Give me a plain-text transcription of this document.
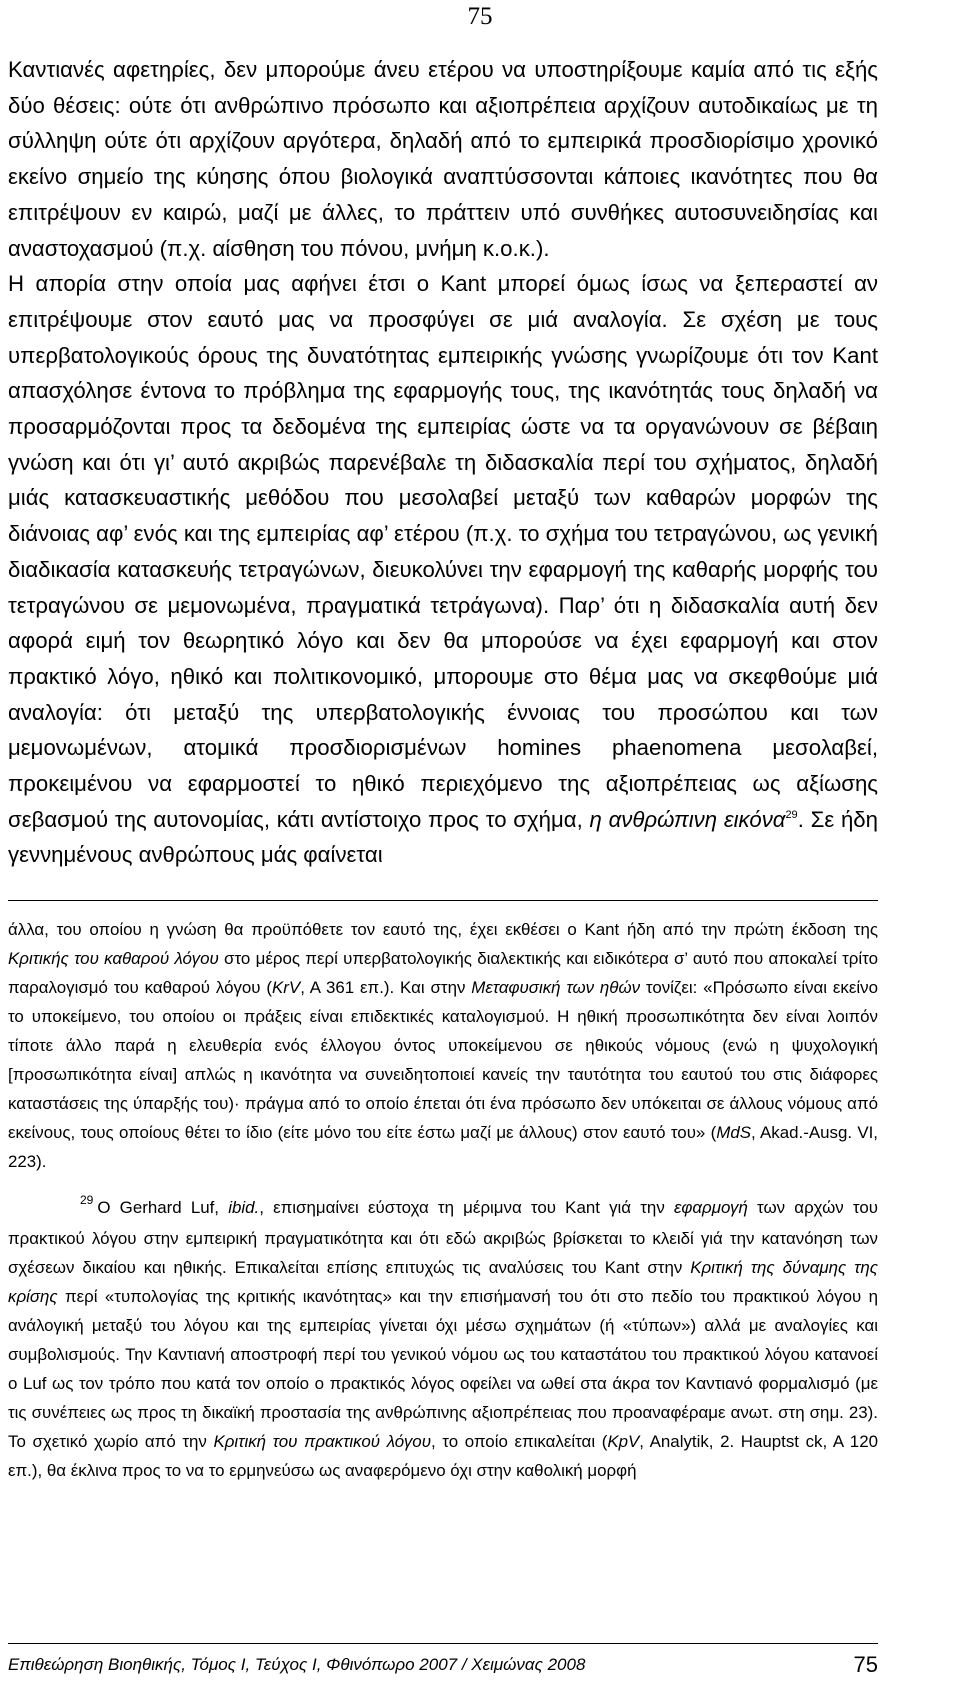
75

Καντιανές αφετηρίες, δεν μπορούμε άνευ ετέρου να υποστηρίξουμε καμία από τις εξής δύο θέσεις: ούτε ότι ανθρώπινο πρόσωπο και αξιοπρέπεια αρχίζουν αυτοδικαίως με τη σύλληψη ούτε ότι αρχίζουν αργότερα, δηλαδή από το εμπειρικά προσδιορίσιμο χρονικό εκείνο σημείο της κύησης όπου βιολογικά αναπτύσσονται κάποιες ικανότητες που θα επιτρέψουν εν καιρώ, μαζί με άλλες, το πράττειν υπό συνθήκες αυτοσυνειδησίας και αναστοχασμού (π.χ. αίσθηση του πόνου, μνήμη κ.ο.κ.).

Η απορία στην οποία μας αφήνει έτσι ο Kant μπορεί όμως ίσως να ξεπεραστεί αν επιτρέψουμε στον εαυτό μας να προσφύγει σε μιά αναλογία. Σε σχέση με τους υπερβατολογικούς όρους της δυνατότητας εμπειρικής γνώσης γνωρίζουμε ότι τον Kant απασχόλησε έντονα το πρόβλημα της εφαρμογής τους, της ικανότητάς τους δηλαδή να προσαρμόζονται προς τα δεδομένα της εμπειρίας ώστε να τα οργανώνουν σε βέβαιη γνώση και ότι γι’ αυτό ακριβώς παρενέβαλε τη διδασκαλία περί του σχήματος, δηλαδή μιάς κατασκευαστικής μεθόδου που μεσολαβεί μεταξύ των καθαρών μορφών της διάνοιας αφ’ ενός και της εμπειρίας αφ’ ετέρου (π.χ. το σχήμα του τετραγώνου, ως γενική διαδικασία κατασκευής τετραγώνων, διευκολύνει την εφαρμογή της καθαρής μορφής του τετραγώνου σε μεμονωμένα, πραγματικά τετράγωνα). Παρ’ ότι η διδασκαλία αυτή δεν αφορά ειμή τον θεωρητικό λόγο και δεν θα μπορούσε να έχει εφαρμογή και στον πρακτικό λόγο, ηθικό και πολιτικονομικό, μπορουμε στο θέμα μας να σκεφθούμε μιά αναλογία: ότι μεταξύ της υπερβατολογικής έννοιας του προσώπου και των μεμονωμένων, ατομικά προσδιορισμένων homines phaenomena μεσολαβεί, προκειμένου να εφαρμοστεί το ηθικό περιεχόμενο της αξιοπρέπειας ως αξίωσης σεβασμού της αυτονομίας, κάτι αντίστοιχο προς το σχήμα, η ανθρώπινη εικόνα$^{29}$. Σε ήδη γεννημένους ανθρώπους μάς φαίνεται

άλλα, του οποίου η γνώση θα προϋπόθετε τον εαυτό της, έχει εκθέσει ο Kant ήδη από την πρώτη έκδοση της Κριτικής του καθαρού λόγου στο μέρος περί υπερβατολογικής διαλεκτικής και ειδικότερα σ’ αυτό που αποκαλεί τρίτο παραλογισμό του καθαρού λόγου (KrV, A 361 επ.). Και στην Μεταφυσική των ηθών τονίζει: «Πρόσωπο είναι εκείνο το υποκείμενο, του οποίου οι πράξεις είναι επιδεκτικές καταλογισμού. Η ηθική προσωπικότητα δεν είναι λοιπόν τίποτε άλλο παρά η ελευθερία ενός έλλογου όντος υποκείμενου σε ηθικούς νόμους (ενώ η ψυχολογική [προσωπικότητα είναι] απλώς η ικανότητα να συνειδητοποιεί κανείς την ταυτότητα του εαυτού του στις διάφορες καταστάσεις της ύπαρξής του)· πράγμα από το οποίο έπεται ότι ένα πρόσωπο δεν υπόκειται σε άλλους νόμους από εκείνους, τους οποίους θέτει το ίδιο (είτε μόνο του είτε έστω μαζί με άλλους) στον εαυτό του» (MdS, Akad.-Ausg. VI, 223).

$^{29}$ Ο Gerhard Luf, ibid., επισημαίνει εύστοχα τη μέριμνα του Kant γιά την εφαρμογή των αρχών του πρακτικού λόγου στην εμπειρική πραγματικότητα και ότι εδώ ακριβώς βρίσκεται το κλειδί γιά την κατανόηση των σχέσεων δικαίου και ηθικής. Επικαλείται επίσης επιτυχώς τις αναλύσεις του Kant στην Κριτική της δύναμης της κρίσης περί «τυπολογίας της κριτικής ικανότητας» και την επισήμανσή του ότι στο πεδίο του πρακτικού λόγου η ανάλογική μεταξύ του λόγου και της εμπειρίας γίνεται όχι μέσω σχημάτων (ή «τύπων») αλλά με αναλογίες και συμβολισμούς. Την Καντιανή αποστροφή περί του γενικού νόμου ως του καταστάτου του πρακτικού λόγου κατανοεί ο Luf ως τον τρόπο που κατά τον οποίο ο πρακτικός λόγος οφείλει να ωθεί στα άκρα τον Καντιανό φορμαλισμό (με τις συνέπειες ως προς τη δικαϊκή προστασία της ανθρώπινης αξιοπρέπειας που προαναφέραμε ανωτ. στη σημ. 23). Το σχετικό χωρίο από την Κριτική του πρακτικού λόγου, το οποίο επικαλείται (KpV, Analytik, 2. Hauptst ck, A 120 επ.), θα έκλινα προς το να το ερμηνεύσω ως αναφερόμενο όχι στην καθολική μορφή

Επιθεώρηση Βιοηθικής, Τόμος Ι, Τεύχος Ι, Φθινόπωρο 2007 / Χειμώνας 2008	75
